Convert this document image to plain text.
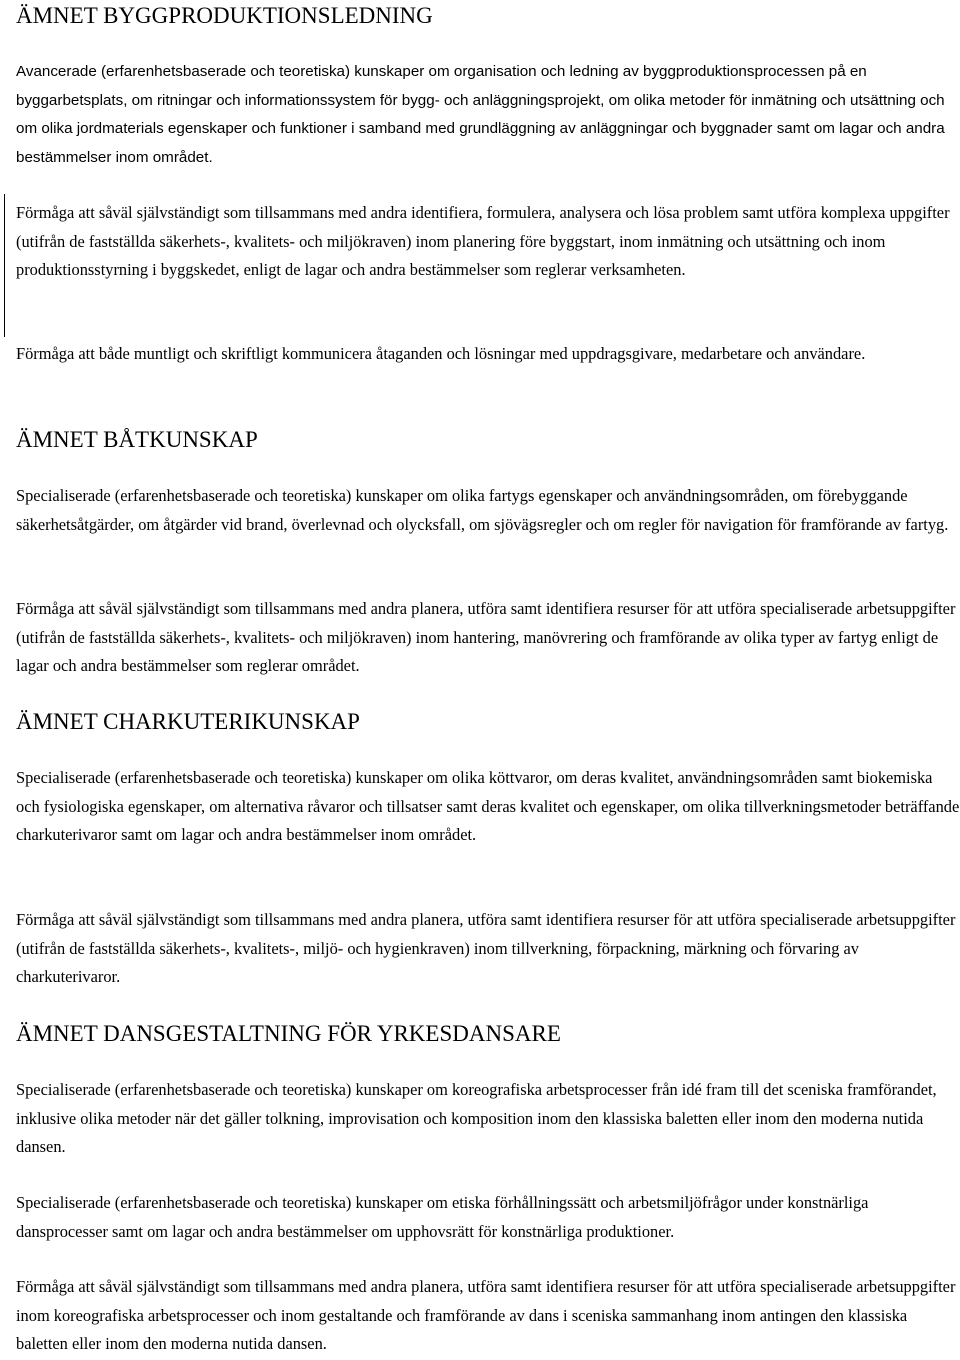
ÄMNET BYGGPRODUKTIONSLEDNING

Avancerade (erfarenhetsbaserade och teoretiska) kunskaper om organisation och ledning av byggproduktionsprocessen på en byggarbetsplats, om ritningar och informationssystem för bygg- och anläggningsprojekt, om olika metoder för inmätning och utsättning och om olika jordmaterials egenskaper och funktioner i samband med grundläggning av anläggningar och byggnader samt om lagar och andra bestämmelser inom området.

Förmåga att såväl självständigt som tillsammans med andra identifiera, formulera, analysera och lösa problem samt utföra komplexa uppgifter (utifrån de fastställda säkerhets-, kvalitets- och miljökraven) inom planering före byggstart, inom inmätning och utsättning och inom produktionsstyrning i byggskedet, enligt de lagar och andra bestämmelser som reglerar verksamheten.

Förmåga att både muntligt och skriftligt kommunicera åtaganden och lösningar med uppdragsgivare, medarbetare och användare.

ÄMNET BÅTKUNSKAP

Specialiserade (erfarenhetsbaserade och teoretiska) kunskaper om olika fartygs egenskaper och användningsområden, om förebyggande säkerhetsåtgärder, om åtgärder vid brand, överlevnad och olycksfall, om sjövägsregler och om regler för navigation för framförande av fartyg.

Förmåga att såväl självständigt som tillsammans med andra planera, utföra samt identifiera resurser för att utföra specialiserade arbetsuppgifter (utifrån de fastställda säkerhets-, kvalitets- och miljökraven) inom hantering, manövrering och framförande av olika typer av fartyg enligt de lagar och andra bestämmelser som reglerar området.

ÄMNET CHARKUTERIKUNSKAP

Specialiserade (erfarenhetsbaserade och teoretiska) kunskaper om olika köttvaror, om deras kvalitet, användningsområden samt biokemiska och fysiologiska egenskaper, om alternativa råvaror och tillsatser samt deras kvalitet och egenskaper, om olika tillverkningsmetoder beträffande charkuterivaror samt om lagar och andra bestämmelser inom området.

Förmåga att såväl självständigt som tillsammans med andra planera, utföra samt identifiera resurser för att utföra specialiserade arbetsuppgifter (utifrån de fastställda säkerhets-, kvalitets-, miljö- och hygienkraven) inom tillverkning, förpackning, märkning och förvaring av charkuterivaror.

ÄMNET DANSGESTALTNING FÖR YRKESDANSARE

Specialiserade (erfarenhetsbaserade och teoretiska) kunskaper om koreografiska arbetsprocesser från idé fram till det sceniska framförandet, inklusive olika metoder när det gäller tolkning, improvisation och komposition inom den klassiska baletten eller inom den moderna nutida dansen.

Specialiserade (erfarenhetsbaserade och teoretiska) kunskaper om etiska förhållningssätt och arbetsmiljöfrågor under konstnärliga dansprocesser samt om lagar och andra bestämmelser om upphovsrätt för konstnärliga produktioner.

Förmåga att såväl självständigt som tillsammans med andra planera, utföra samt identifiera resurser för att utföra specialiserade arbetsuppgifter inom koreografiska arbetsprocesser och inom gestaltande och framförande av dans i sceniska sammanhang inom antingen den klassiska baletten eller inom den moderna nutida dansen.
